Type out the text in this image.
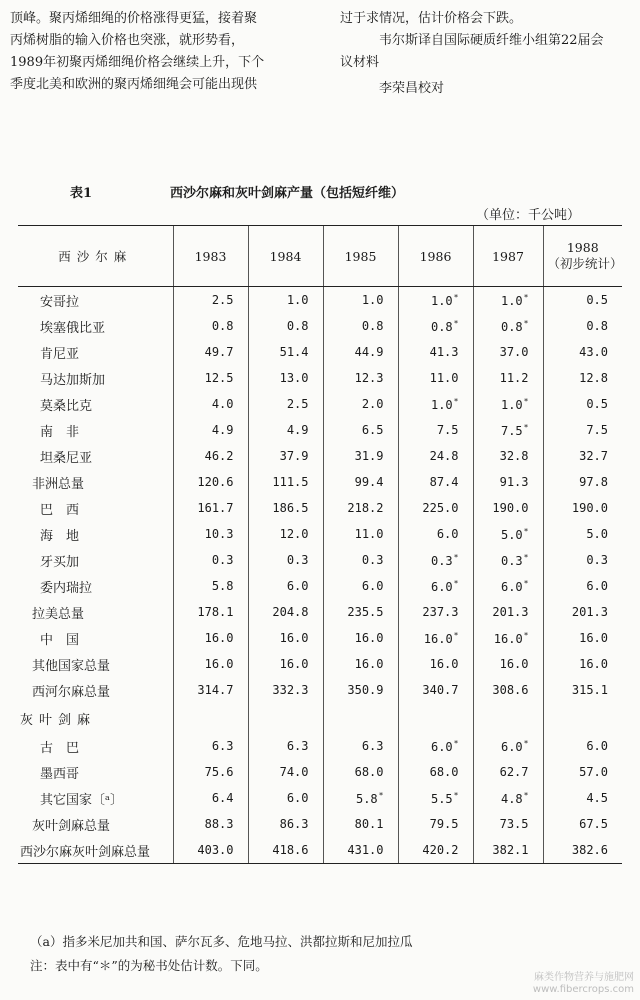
顶峰。聚丙烯细绳的价格涨得更猛，接着聚

丙烯树脂的输入价格也突涨，就形势看，

1989年初聚丙烯细绳价格会继续上升，下个

季度北美和欧洲的聚丙烯细绳会可能出现供

过于求情况，估计价格会下跌。

韦尔斯译自国际硬质纤维小组第22届会

议材料

李荣昌校对

表1	西沙尔麻和灰叶剑麻产量（包括短纤维）
（单位：千公吨）
西沙尔麻	1983	1984	1985	1986	1987	1988
（初步统计）

安哥拉	2.5	1.0	1.0	1.0*	1.0*	0.5
埃塞俄比亚	0.8	0.8	0.8	0.8*	0.8*	0.8
肯尼亚	49.7	51.4	44.9	41.3	37.0	43.0
马达加斯加	12.5	13.0	12.3	11.0	11.2	12.8
莫桑比克	4.0	2.5	2.0	1.0*	1.0*	0.5
南　非	4.9	4.9	6.5	7.5	7.5*	7.5
坦桑尼亚	46.2	37.9	31.9	24.8	32.8	32.7
非洲总量	120.6	111.5	99.4	87.4	91.3	97.8
巴　西	161.7	186.5	218.2	225.0	190.0	190.0
海　地	10.3	12.0	11.0	6.0	5.0*	5.0
牙买加	0.3	0.3	0.3	0.3*	0.3*	0.3
委内瑞拉	5.8	6.0	6.0	6.0*	6.0*	6.0
拉美总量	178.1	204.8	235.5	237.3	201.3	201.3
中　国	16.0	16.0	16.0	16.0*	16.0*	16.0
其他国家总量	16.0	16.0	16.0	16.0	16.0	16.0
西河尔麻总量	314.7	332.3	350.9	340.7	308.6	315.1
灰叶剑麻						
古　巴	6.3	6.3	6.3	6.0*	6.0*	6.0
墨西哥	75.6	74.0	68.0	68.0	62.7	57.0
其它国家〔ᵃ〕	6.4	6.0	5.8*	5.5*	4.8*	4.5
灰叶剑麻总量	88.3	86.3	80.1	79.5	73.5	67.5
西沙尔麻灰叶剑麻总量	403.0	418.6	431.0	420.2	382.1	382.6

（a）指多米尼加共和国、萨尔瓦多、危地马拉、洪都拉斯和尼加拉瓜

注：表中有“＊”的为秘书处估计数。下同。

麻类作物营养与施肥网
www.fibercrops.com
